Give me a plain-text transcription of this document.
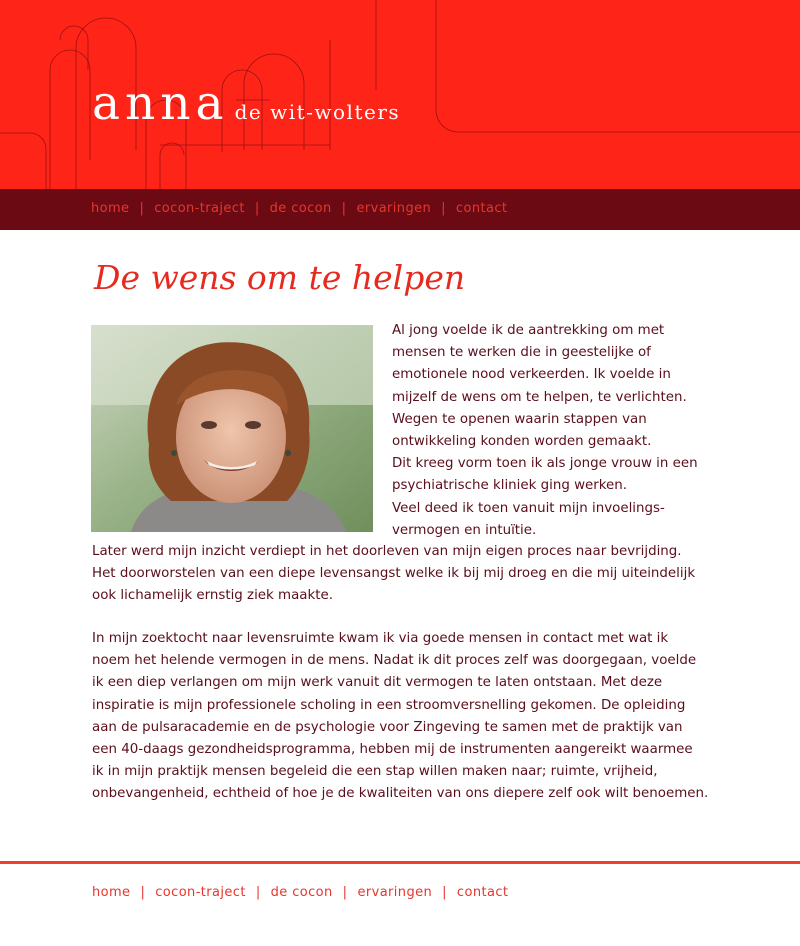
anna de wit-wolters
home | cocon-traject | de cocon | ervaringen | contact
De wens om te helpen
Al jong voelde ik de aantrekking om met
mensen te werken die in geestelijke of
emotionele nood verkeerden. Ik voelde in
mijzelf de wens om te helpen, te verlichten.
Wegen te openen waarin stappen van
ontwikkeling konden worden gemaakt.
Dit kreeg vorm toen ik als jonge vrouw in een
psychiatrische kliniek ging werken.
Veel deed ik toen vanuit mijn invoelings-
vermogen en intuïtie.
Later werd mijn inzicht verdiept in het doorleven van mijn eigen proces naar bevrijding.
Het doorworstelen van een diepe levensangst welke ik bij mij droeg en die mij uiteindelijk
ook lichamelijk ernstig ziek maakte.
In mijn zoektocht naar levensruimte kwam ik via goede mensen in contact met wat ik
noem het helende vermogen in de mens. Nadat ik dit proces zelf was doorgegaan, voelde
ik een diep verlangen om mijn werk vanuit dit vermogen te laten ontstaan. Met deze
inspiratie is mijn professionele scholing in een stroomversnelling gekomen. De opleiding
aan de pulsaracademie en de psychologie voor Zingeving te samen met de praktijk van
een 40-daags gezondheidsprogramma, hebben mij de instrumenten aangereikt waarmee
ik in mijn praktijk mensen begeleid die een stap willen maken naar; ruimte, vrijheid,
onbevangenheid, echtheid of hoe je de kwaliteiten van ons diepere zelf ook wilt benoemen.
home | cocon-traject | de cocon | ervaringen | contact
